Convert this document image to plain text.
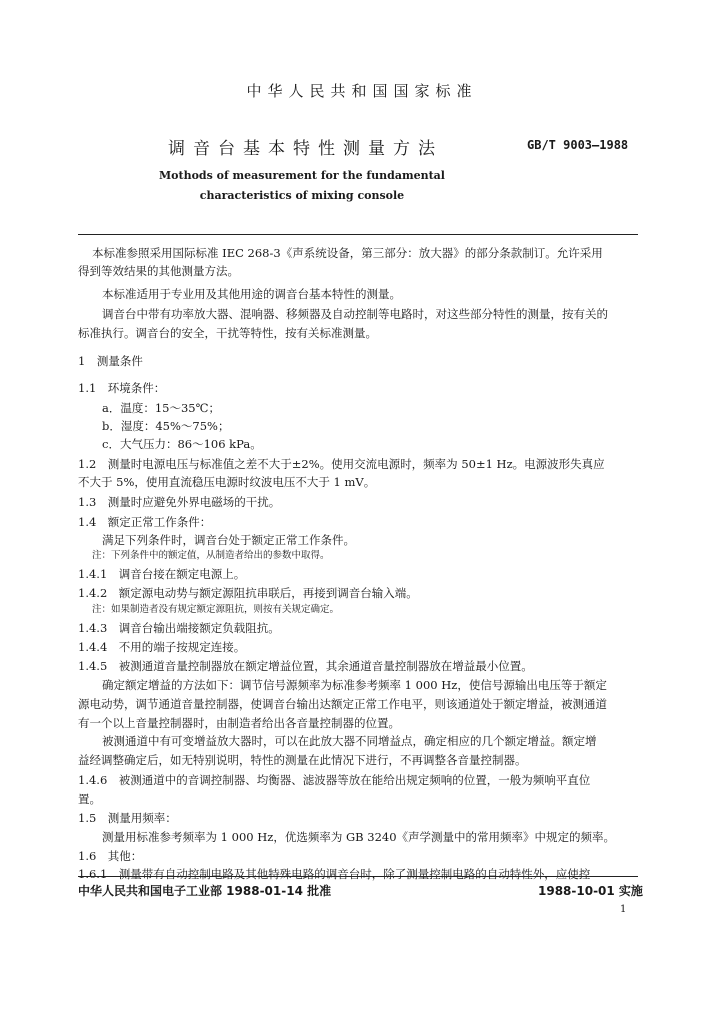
中华人民共和国国家标准
调音台基本特性测量方法	GB/T 9003—1988
Mothods of measurement for the fundamental
characteristics of mixing console
本标准参照采用国际标准 IEC 268-3《声系统设备，第三部分：放大器》的部分条款制订。允许采用
得到等效结果的其他测量方法。
本标准适用于专业用及其他用途的调音台基本特性的测量。
调音台中带有功率放大器、混响器、移频器及自动控制等电路时，对这些部分特性的测量，按有关的
标准执行。调音台的安全，干扰等特性，按有关标准测量。
1　测量条件
1.1　环境条件：
a．温度：15～35℃；
b．湿度：45%～75%；
c．大气压力：86～106 kPa。
1.2　测量时电源电压与标准值之差不大于±2%。使用交流电源时，频率为 50±1 Hz。电源波形失真应
不大于 5%，使用直流稳压电源时纹波电压不大于 1 mV。
1.3　测量时应避免外界电磁场的干扰。
1.4　额定正常工作条件：
满足下列条件时，调音台处于额定正常工作条件。
注：下列条件中的额定值，从制造者给出的参数中取得。
1.4.1　调音台接在额定电源上。
1.4.2　额定源电动势与额定源阻抗串联后，再接到调音台输入端。
注：如果制造者没有规定额定源阻抗，则按有关规定确定。
1.4.3　调音台输出端接额定负载阻抗。
1.4.4　不用的端子按规定连接。
1.4.5　被测通道音量控制器放在额定增益位置，其余通道音量控制器放在增益最小位置。
确定额定增益的方法如下：调节信号源频率为标准参考频率 1 000 Hz，使信号源输出电压等于额定
源电动势，调节通道音量控制器，使调音台输出达额定正常工作电平，则该通道处于额定增益，被测通道
有一个以上音量控制器时，由制造者给出各音量控制器的位置。
被测通道中有可变增益放大器时，可以在此放大器不同增益点，确定相应的几个额定增益。额定增
益经调整确定后，如无特别说明，特性的测量在此情况下进行，不再调整各音量控制器。
1.4.6　被测通道中的音调控制器、均衡器、滤波器等放在能给出规定频响的位置，一般为频响平直位
置。
1.5　测量用频率：
测量用标准参考频率为 1 000 Hz，优选频率为 GB 3240《声学测量中的常用频率》中规定的频率。
1.6　其他：
1.6.1　测量带有自动控制电路及其他特殊电路的调音台时，除了测量控制电路的自动特性外，应使控
中华人民共和国电子工业部 1988-01-14 批准	1988-10-01 实施
1
